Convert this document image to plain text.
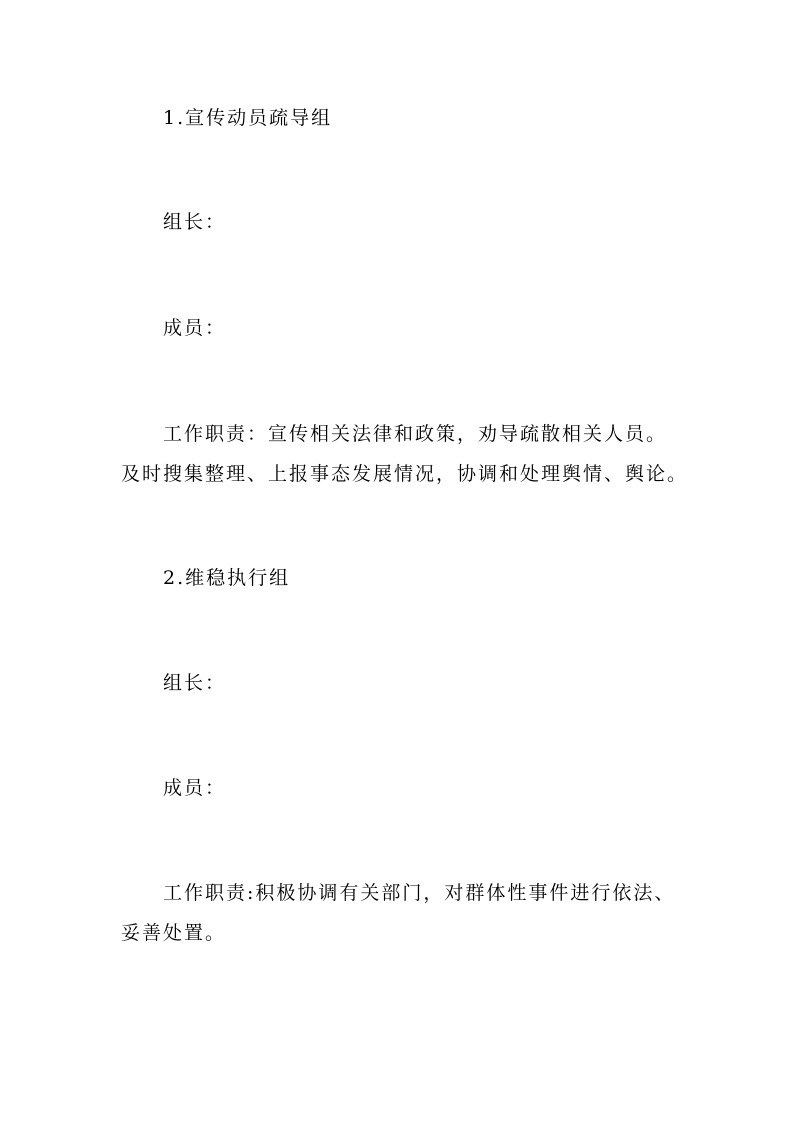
1.宣传动员疏导组
组长：
成员：
工作职责：宣传相关法律和政策，劝导疏散相关人员。
及时搜集整理、上报事态发展情况，协调和处理舆情、舆论。
2.维稳执行组
组长：
成员：
工作职责:积极协调有关部门，对群体性事件进行依法、
妥善处置。
